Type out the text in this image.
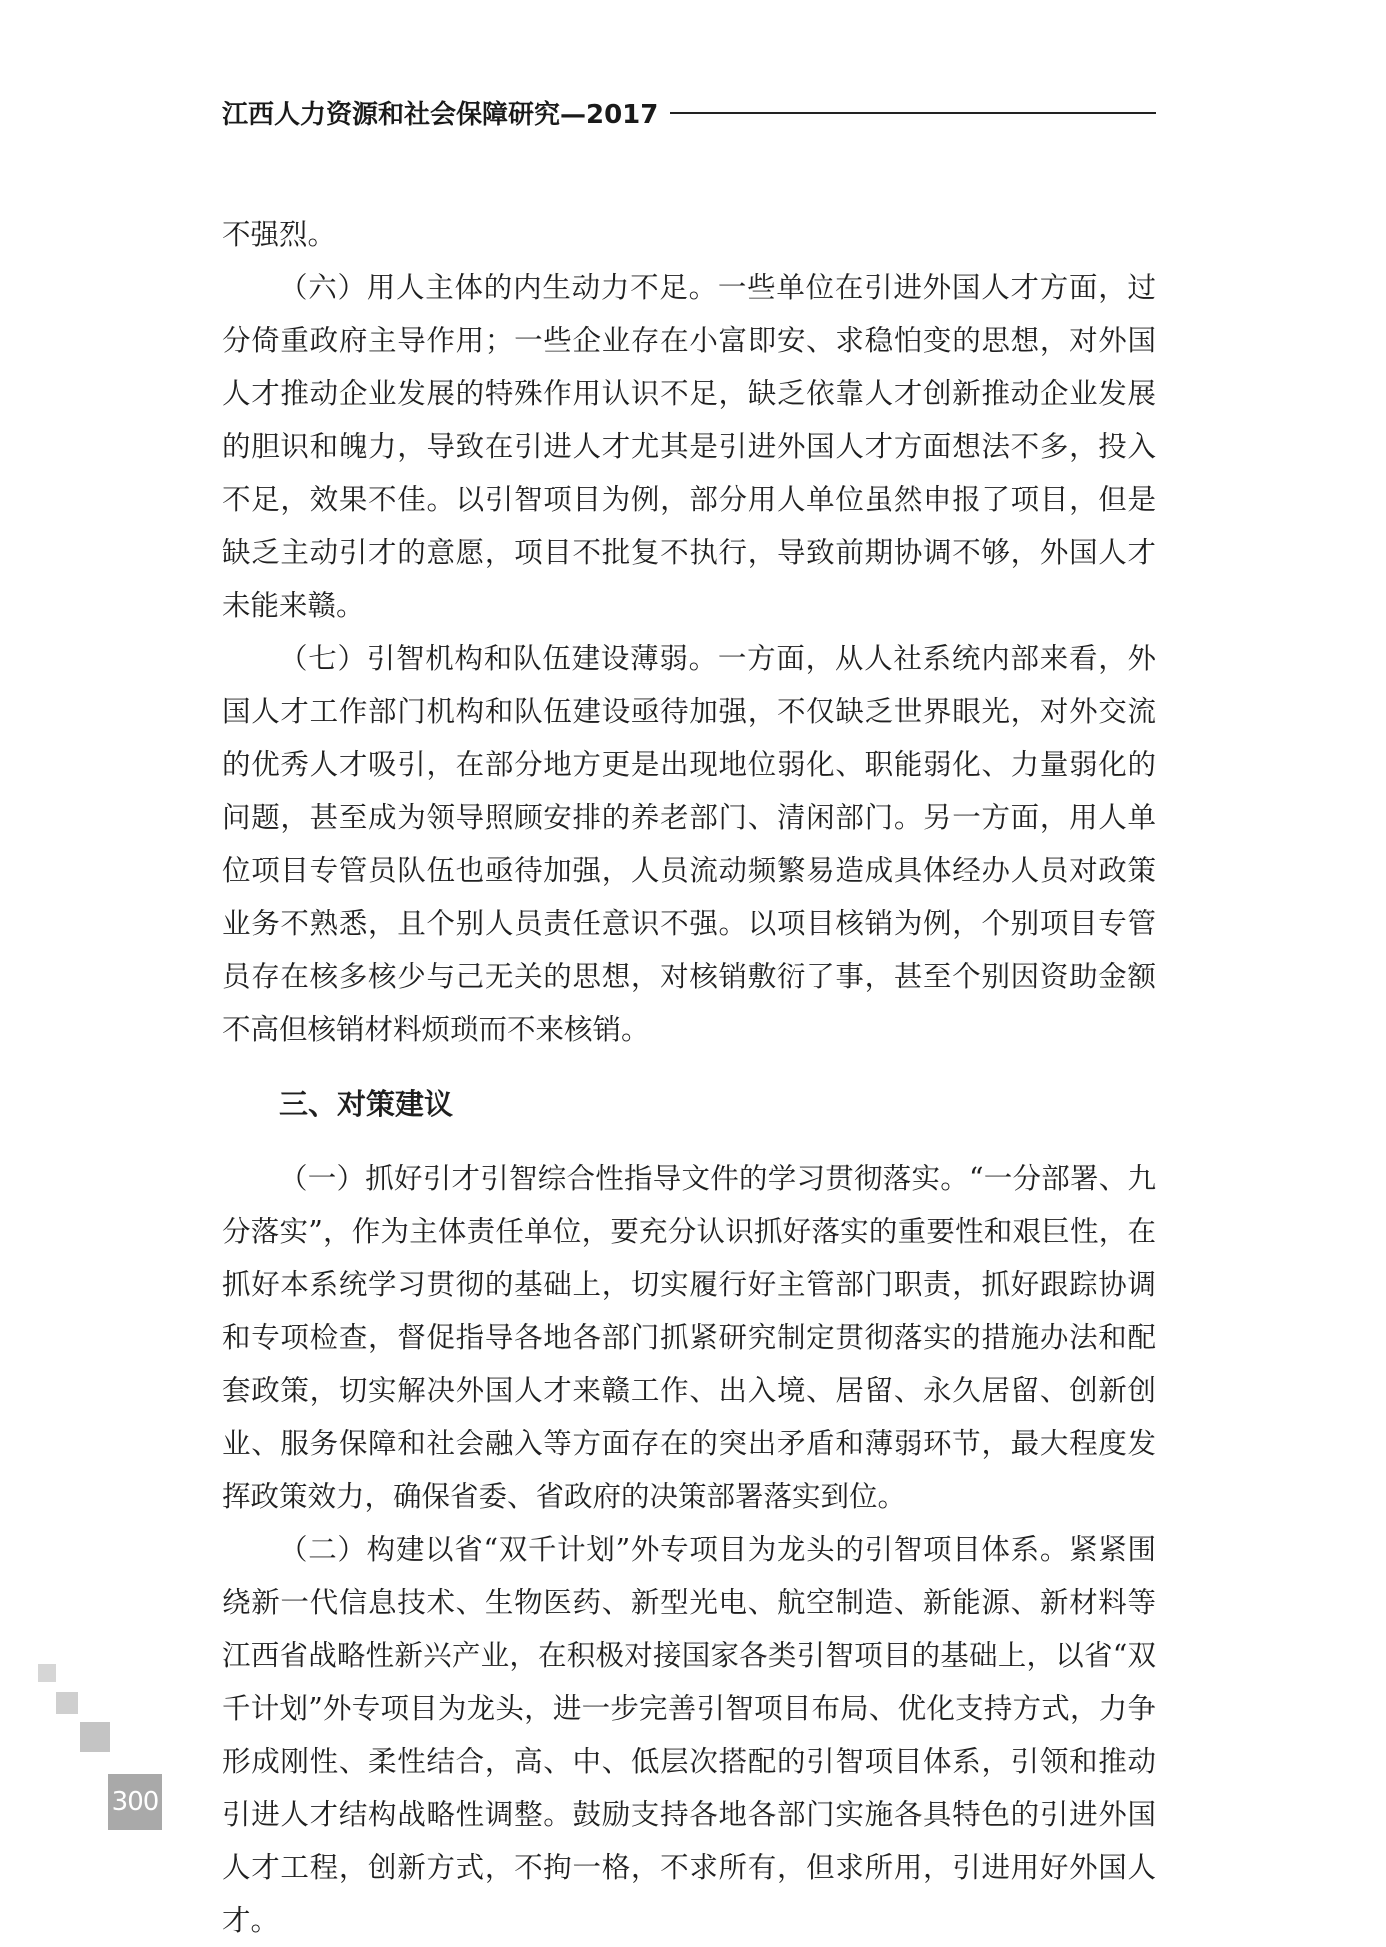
江西人力资源和社会保障研究—2017

不强烈。

（六）用人主体的内生动力不足。一些单位在引进外国人才方面，过分倚重政府主导作用；一些企业存在小富即安、求稳怕变的思想，对外国人才推动企业发展的特殊作用认识不足，缺乏依靠人才创新推动企业发展的胆识和魄力，导致在引进人才尤其是引进外国人才方面想法不多，投入不足，效果不佳。以引智项目为例，部分用人单位虽然申报了项目，但是缺乏主动引才的意愿，项目不批复不执行，导致前期协调不够，外国人才未能来赣。

（七）引智机构和队伍建设薄弱。一方面，从人社系统内部来看，外国人才工作部门机构和队伍建设亟待加强，不仅缺乏世界眼光，对外交流的优秀人才吸引，在部分地方更是出现地位弱化、职能弱化、力量弱化的问题，甚至成为领导照顾安排的养老部门、清闲部门。另一方面，用人单位项目专管员队伍也亟待加强，人员流动频繁易造成具体经办人员对政策业务不熟悉，且个别人员责任意识不强。以项目核销为例，个别项目专管员存在核多核少与己无关的思想，对核销敷衍了事，甚至个别因资助金额不高但核销材料烦琐而不来核销。

三、对策建议

（一）抓好引才引智综合性指导文件的学习贯彻落实。“一分部署、九分落实”，作为主体责任单位，要充分认识抓好落实的重要性和艰巨性，在抓好本系统学习贯彻的基础上，切实履行好主管部门职责，抓好跟踪协调和专项检查，督促指导各地各部门抓紧研究制定贯彻落实的措施办法和配套政策，切实解决外国人才来赣工作、出入境、居留、永久居留、创新创业、服务保障和社会融入等方面存在的突出矛盾和薄弱环节，最大程度发挥政策效力，确保省委、省政府的决策部署落实到位。

（二）构建以省“双千计划”外专项目为龙头的引智项目体系。紧紧围绕新一代信息技术、生物医药、新型光电、航空制造、新能源、新材料等江西省战略性新兴产业，在积极对接国家各类引智项目的基础上，以省“双千计划”外专项目为龙头，进一步完善引智项目布局、优化支持方式，力争形成刚性、柔性结合，高、中、低层次搭配的引智项目体系，引领和推动引进人才结构战略性调整。鼓励支持各地各部门实施各具特色的引进外国人才工程，创新方式，不拘一格，不求所有，但求所用，引进用好外国人才。

300
